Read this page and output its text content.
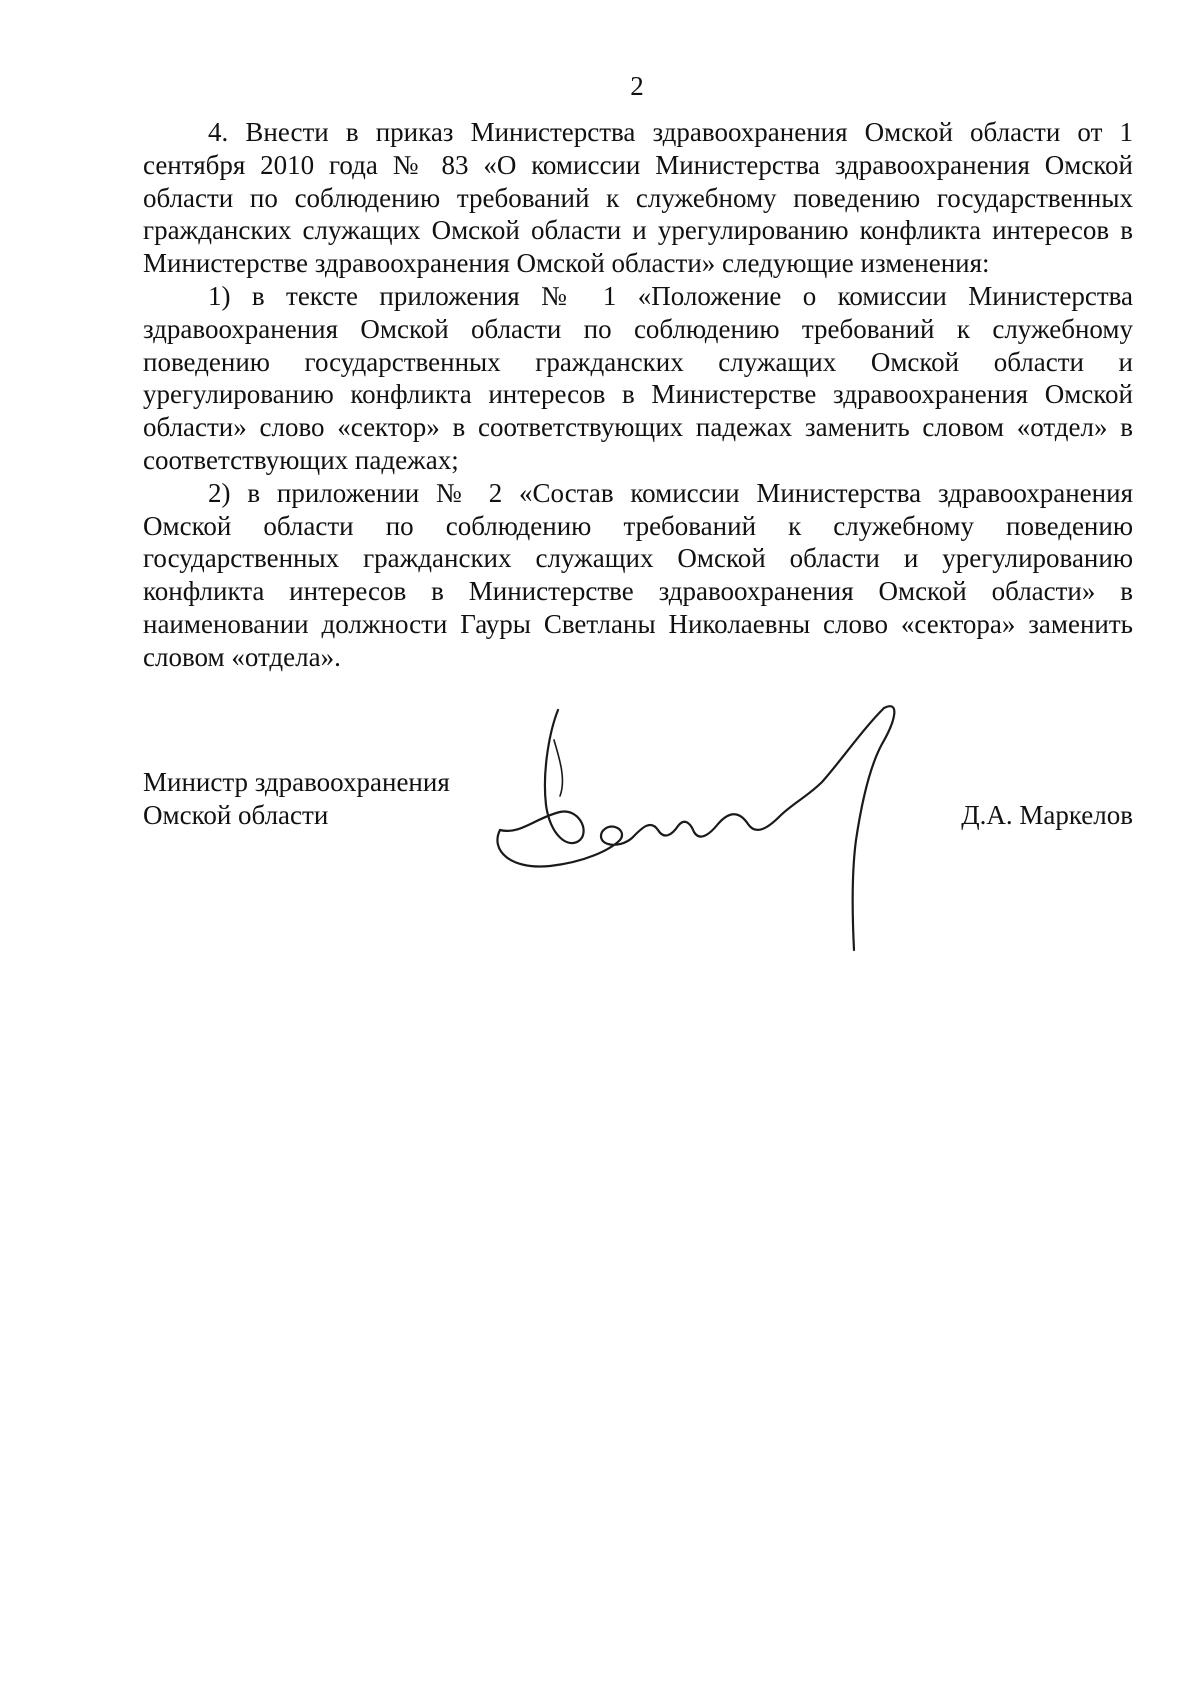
2

4. Внести в приказ Министерства здравоохранения Омской области от 1 сентября 2010 года № 83 «О комиссии Министерства здравоохранения Омской области по соблюдению требований к служебному поведению государственных гражданских служащих Омской области и урегулированию конфликта интересов в Министерстве здравоохранения Омской области» следующие изменения:

1) в тексте приложения № 1 «Положение о комиссии Министерства здравоохранения Омской области по соблюдению требований к служебному поведению государственных гражданских служащих Омской области и урегулированию конфликта интересов в Министерстве здравоохранения Омской области» слово «сектор» в соответствующих падежах заменить словом «отдел» в соответствующих падежах;

2) в приложении № 2 «Состав комиссии Министерства здравоохранения Омской области по соблюдению требований к служебному поведению государственных гражданских служащих Омской области и урегулированию конфликта интересов в Министерстве здравоохранения Омской области» в наименовании должности Гауры Светланы Николаевны слово «сектора» заменить словом «отдела».

Министр здравоохранения
Омской области	Д.А. Маркелов
